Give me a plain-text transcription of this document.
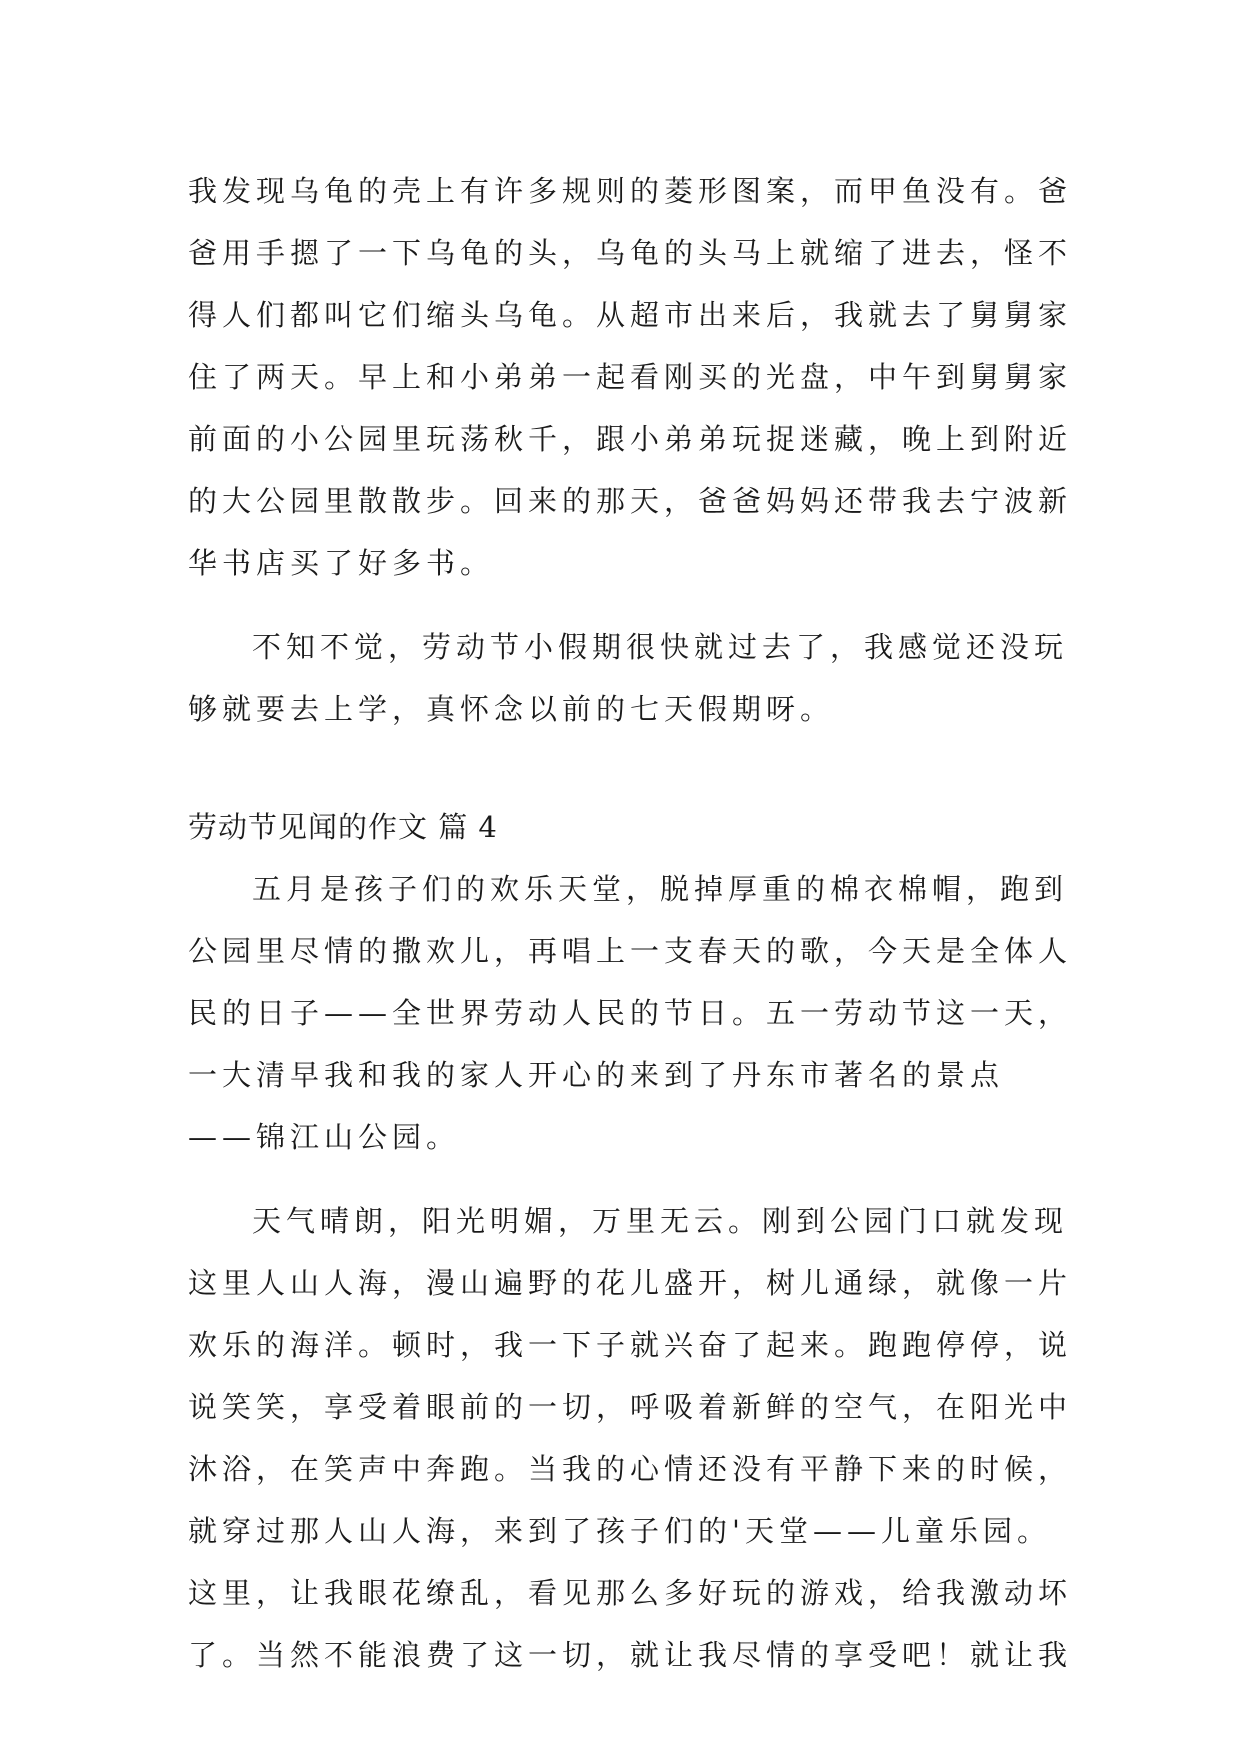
我发现乌龟的壳上有许多规则的菱形图案，而甲鱼没有。爸
爸用手摁了一下乌龟的头，乌龟的头马上就缩了进去，怪不
得人们都叫它们缩头乌龟。从超市出来后，我就去了舅舅家
住了两天。早上和小弟弟一起看刚买的光盘，中午到舅舅家
前面的小公园里玩荡秋千，跟小弟弟玩捉迷藏，晚上到附近
的大公园里散散步。回来的那天，爸爸妈妈还带我去宁波新
华书店买了好多书。
不知不觉，劳动节小假期很快就过去了，我感觉还没玩
够就要去上学，真怀念以前的七天假期呀。
劳动节见闻的作文 篇 4
五月是孩子们的欢乐天堂，脱掉厚重的棉衣棉帽，跑到
公园里尽情的撒欢儿，再唱上一支春天的歌，今天是全体人
民的日子——全世界劳动人民的节日。五一劳动节这一天，
一大清早我和我的家人开心的来到了丹东市著名的景点
——锦江山公园。
天气晴朗，阳光明媚，万里无云。刚到公园门口就发现
这里人山人海，漫山遍野的花儿盛开，树儿通绿，就像一片
欢乐的海洋。顿时，我一下子就兴奋了起来。跑跑停停，说
说笑笑，享受着眼前的一切，呼吸着新鲜的空气，在阳光中
沐浴，在笑声中奔跑。当我的心情还没有平静下来的时候，
就穿过那人山人海，来到了孩子们的'天堂——儿童乐园。
这里，让我眼花缭乱，看见那么多好玩的游戏，给我激动坏
了。当然不能浪费了这一切，就让我尽情的享受吧！就让我
